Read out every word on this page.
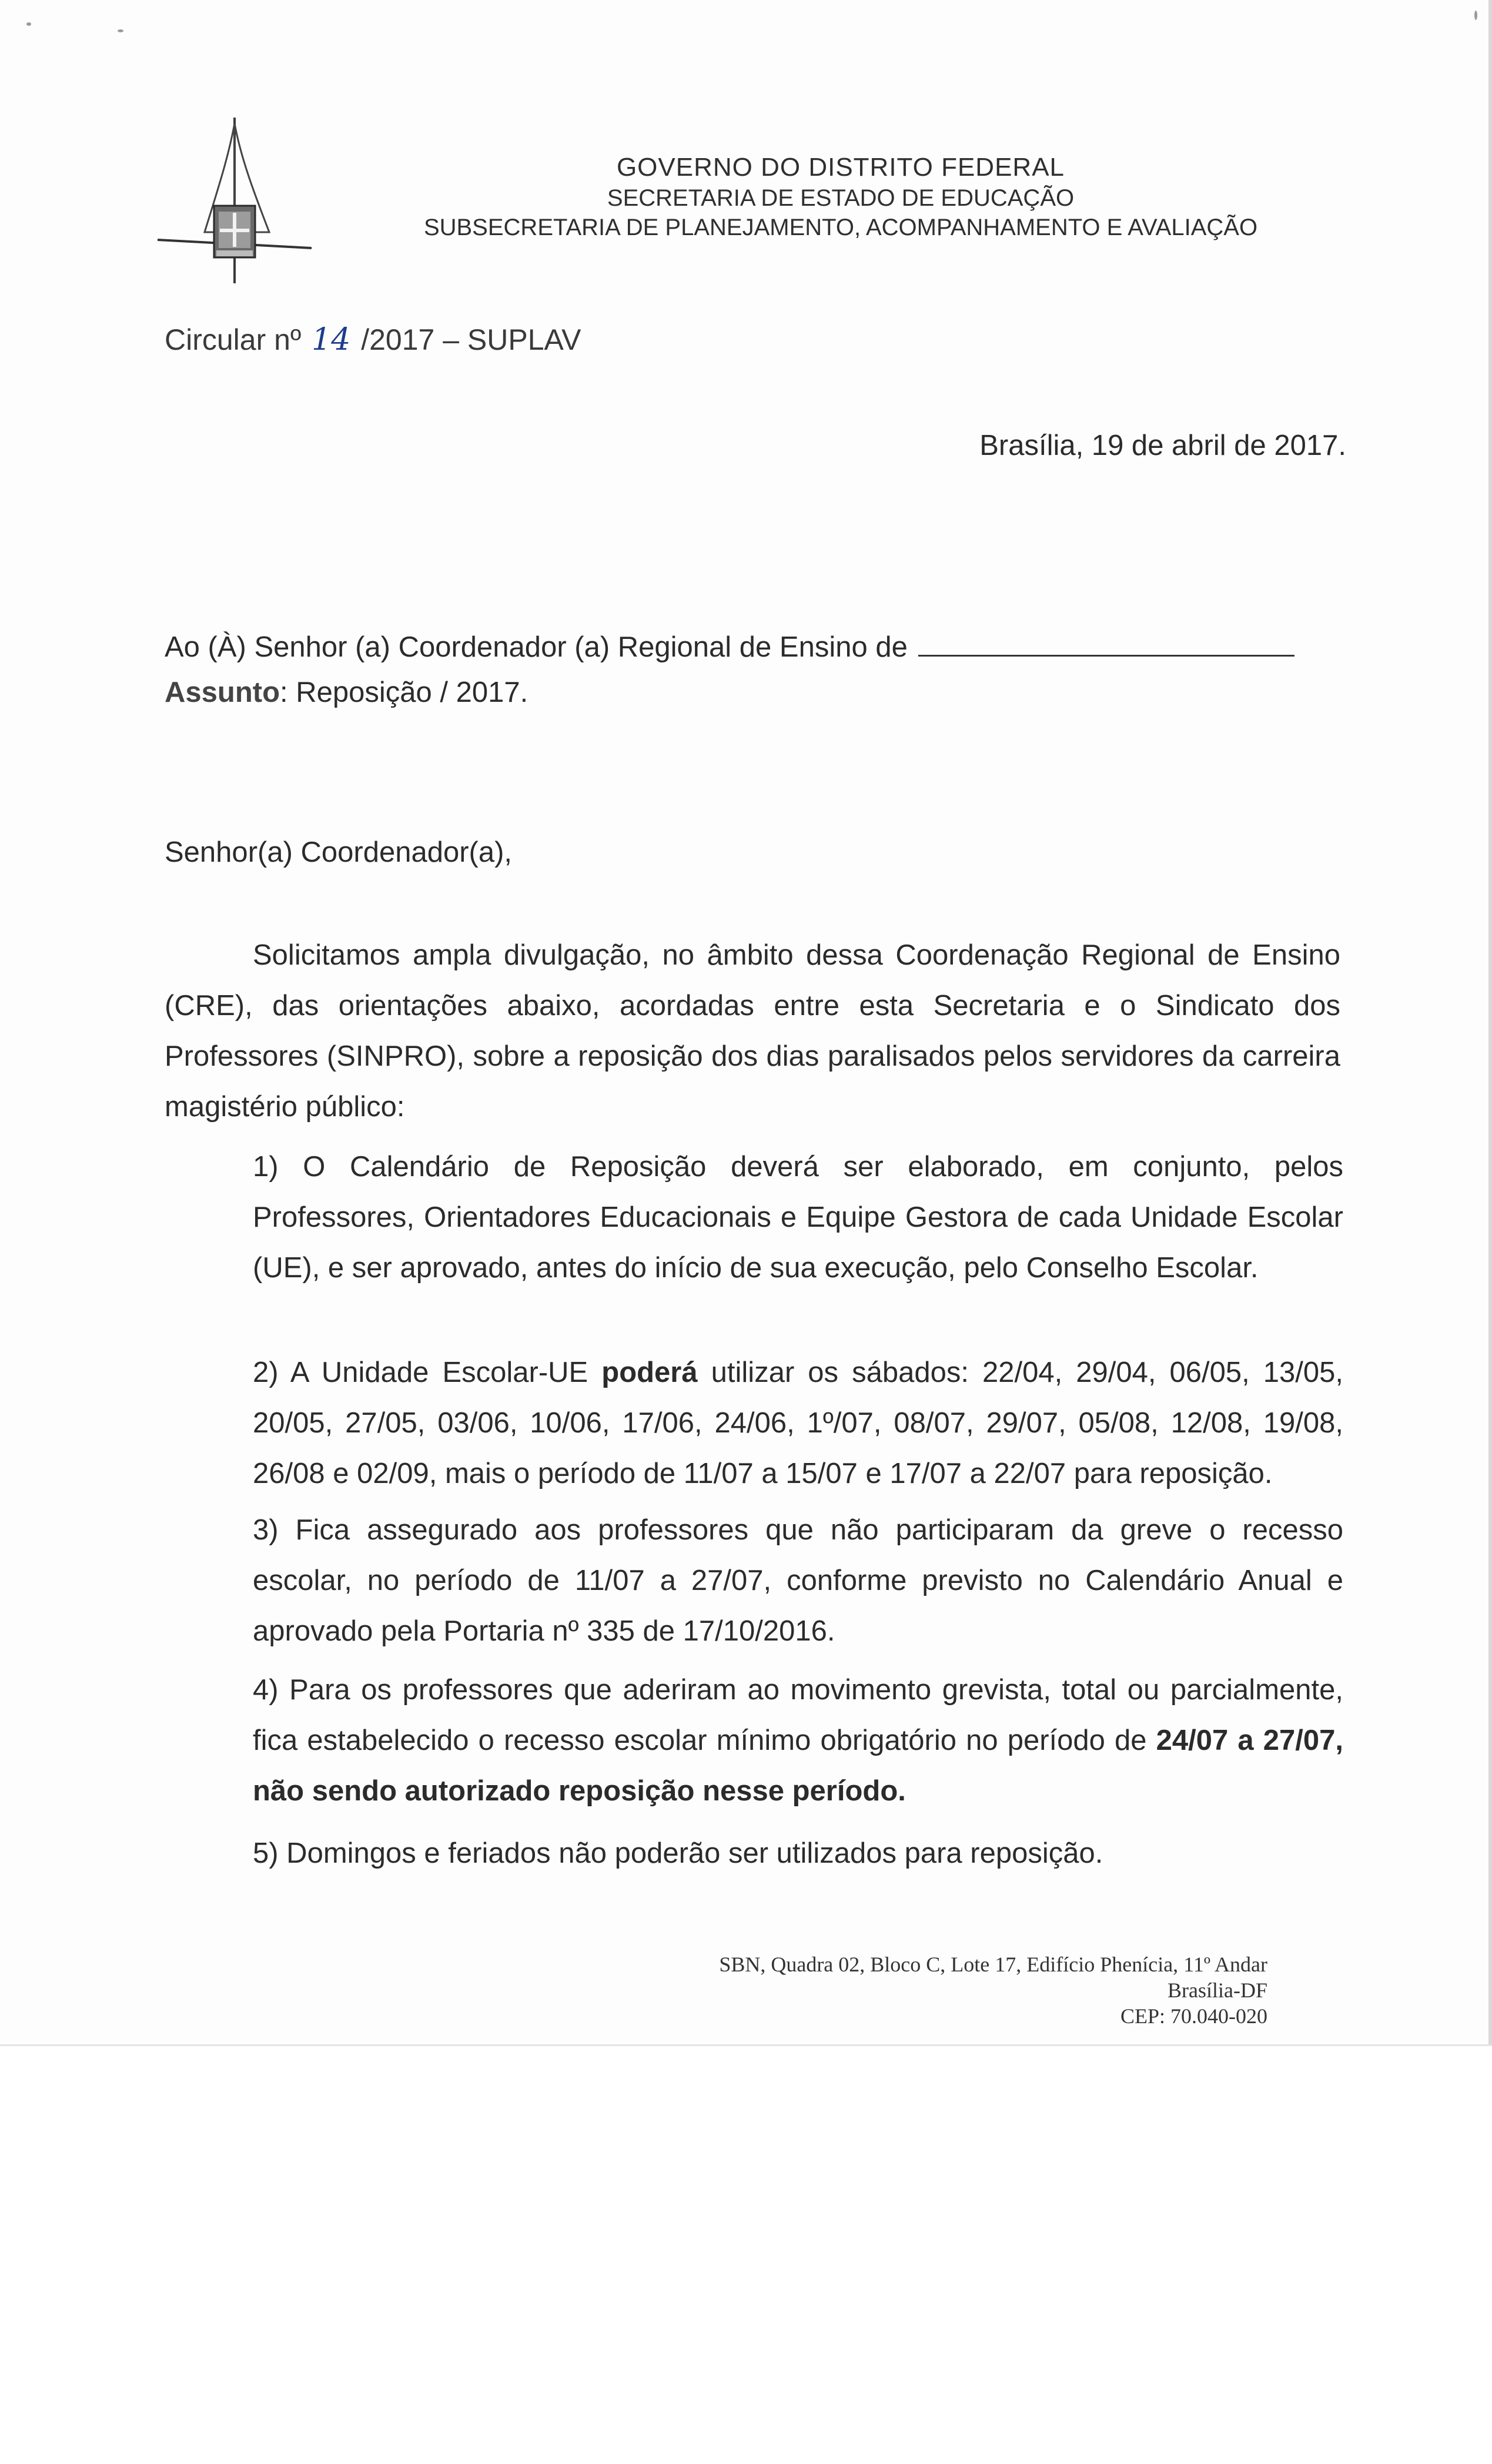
GOVERNO DO DISTRITO FEDERAL
SECRETARIA DE ESTADO DE EDUCAÇÃO
SUBSECRETARIA DE PLANEJAMENTO, ACOMPANHAMENTO E AVALIAÇÃO
Circular nº 14 /2017 – SUPLAV
Brasília, 19 de abril de 2017.
Ao (À) Senhor (a) Coordenador (a) Regional de Ensino de
Assunto: Reposição / 2017.
Senhor(a) Coordenador(a),
Solicitamos ampla divulgação, no âmbito dessa Coordenação Regional de Ensino (CRE), das orientações abaixo, acordadas entre esta Secretaria e o Sindicato dos Professores (SINPRO), sobre a reposição dos dias paralisados pelos servidores da carreira magistério público:
1) O Calendário de Reposição deverá ser elaborado, em conjunto, pelos Professores, Orientadores Educacionais e Equipe Gestora de cada Unidade Escolar (UE), e ser aprovado, antes do início de sua execução, pelo Conselho Escolar.
2) A Unidade Escolar-UE poderá utilizar os sábados: 22/04, 29/04, 06/05, 13/05, 20/05, 27/05, 03/06, 10/06, 17/06, 24/06, 1º/07, 08/07, 29/07, 05/08, 12/08, 19/08, 26/08 e 02/09, mais o período de 11/07 a 15/07 e 17/07 a 22/07 para reposição.
3) Fica assegurado aos professores que não participaram da greve o recesso escolar, no período de 11/07 a 27/07, conforme previsto no Calendário Anual e aprovado pela Portaria nº 335 de 17/10/2016.
4) Para os professores que aderiram ao movimento grevista, total ou parcialmente, fica estabelecido o recesso escolar mínimo obrigatório no período de 24/07 a 27/07, não sendo autorizado reposição nesse período.
5) Domingos e feriados não poderão ser utilizados para reposição.
SBN, Quadra 02, Bloco C, Lote 17, Edifício Phenícia, 11º Andar
Brasília-DF
CEP: 70.040-020
